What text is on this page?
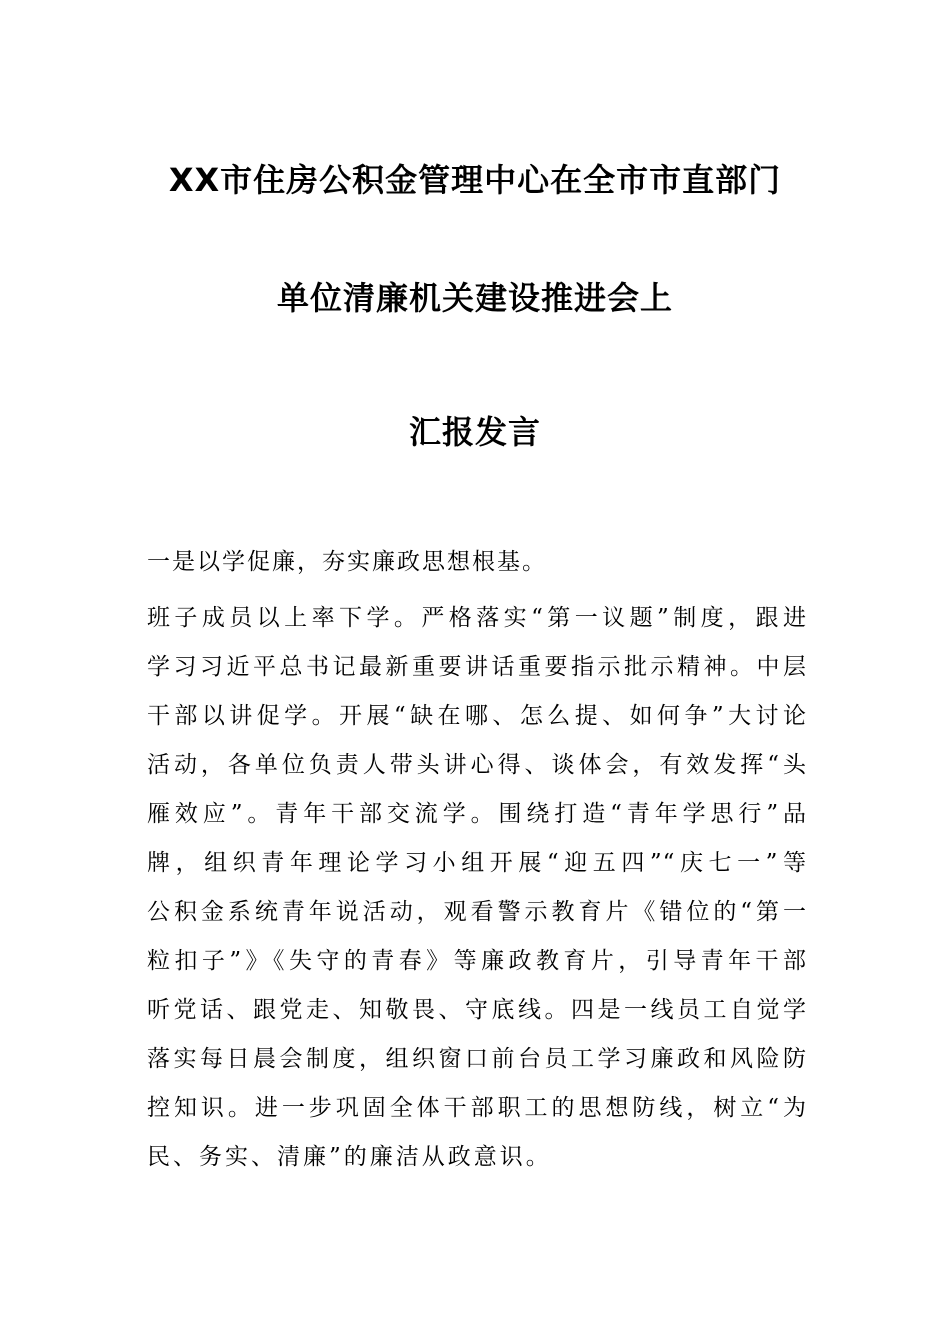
XX市住房公积金管理中心在全市市直部门
单位清廉机关建设推进会上
汇报发言
一是以学促廉，夯实廉政思想根基。
班子成员以上率下学。严格落实“第一议题”制度，跟进
学习习近平总书记最新重要讲话重要指示批示精神。中层
干部以讲促学。开展“缺在哪、怎么提、如何争”大讨论
活动，各单位负责人带头讲心得、谈体会，有效发挥“头
雁效应”。青年干部交流学。围绕打造“青年学思行”品
牌，组织青年理论学习小组开展“迎五四”“庆七一”等
公积金系统青年说活动，观看警示教育片《错位的“第一
粒扣子”》《失守的青春》等廉政教育片，引导青年干部
听党话、跟党走、知敬畏、守底线。四是一线员工自觉学
落实每日晨会制度，组织窗口前台员工学习廉政和风险防
控知识。进一步巩固全体干部职工的思想防线，树立“为
民、务实、清廉”的廉洁从政意识。
